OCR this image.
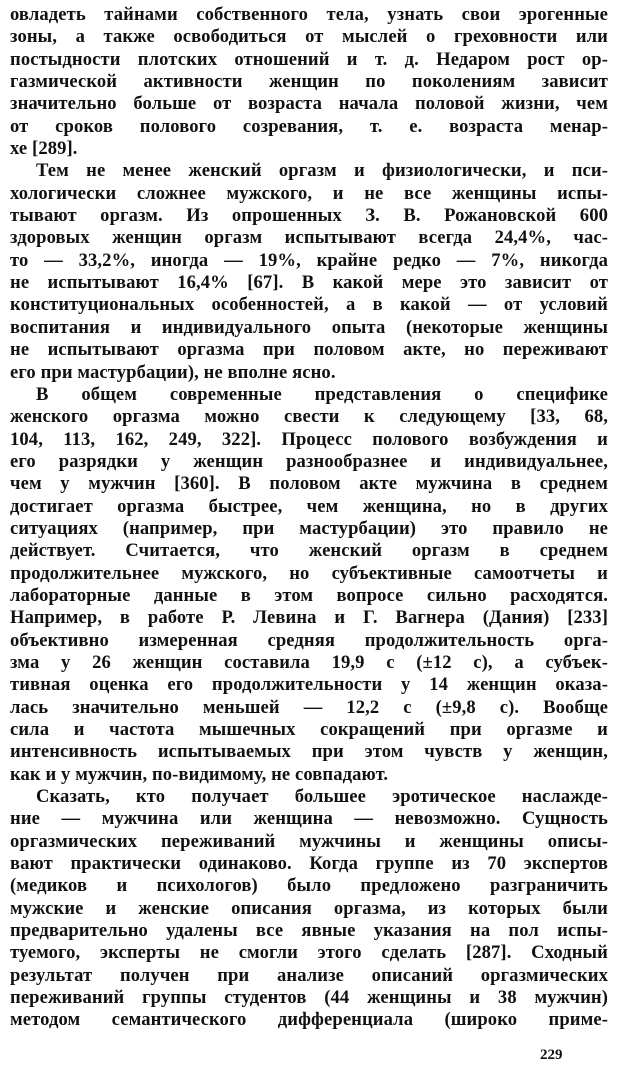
овладеть тайнами собственного тела, узнать свои эрогенные
зоны, а также освободиться от мыслей о греховности или
постыдности плотских отношений и т. д. Недаром рост ор-
газмической активности женщин по поколениям зависит
значительно больше от возраста начала половой жизни, чем
от сроков полового созревания, т. е. возраста менар-
хе [289].
Тем не менее женский оргазм и физиологически, и пси-
хологически сложнее мужского, и не все женщины испы-
тывают оргазм. Из опрошенных З. В. Рожановской 600
здоровых женщин оргазм испытывают всегда 24,4%, час-
то — 33,2%, иногда — 19%, крайне редко — 7%, никогда
не испытывают 16,4% [67]. В какой мере это зависит от
конституциональных особенностей, а в какой — от условий
воспитания и индивидуального опыта (некоторые женщины
не испытывают оргазма при половом акте, но переживают
его при мастурбации), не вполне ясно.
В общем современные представления о специфике
женского оргазма можно свести к следующему [33, 68,
104, 113, 162, 249, 322]. Процесс полового возбуждения и
его разрядки у женщин разнообразнее и индивидуальнее,
чем у мужчин [360]. В половом акте мужчина в среднем
достигает оргазма быстрее, чем женщина, но в других
ситуациях (например, при мастурбации) это правило не
действует. Считается, что женский оргазм в среднем
продолжительнее мужского, но субъективные самоотчеты и
лабораторные данные в этом вопросе сильно расходятся.
Например, в работе Р. Левина и Г. Вагнера (Дания) [233]
объективно измеренная средняя продолжительность орга-
зма у 26 женщин составила 19,9 с (±12 с), а субъек-
тивная оценка его продолжительности у 14 женщин оказа-
лась значительно меньшей — 12,2 с (±9,8 с). Вообще
сила и частота мышечных сокращений при оргазме и
интенсивность испытываемых при этом чувств у женщин,
как и у мужчин, по-видимому, не совпадают.
Сказать, кто получает большее эротическое наслажде-
ние — мужчина или женщина — невозможно. Сущность
оргазмических переживаний мужчины и женщины описы-
вают практически одинаково. Когда группе из 70 экспертов
(медиков и психологов) было предложено разграничить
мужские и женские описания оргазма, из которых были
предварительно удалены все явные указания на пол испы-
туемого, эксперты не смогли этого сделать [287]. Сходный
результат получен при анализе описаний оргазмических
переживаний группы студентов (44 женщины и 38 мужчин)
методом семантического дифференциала (широко приме-
229
